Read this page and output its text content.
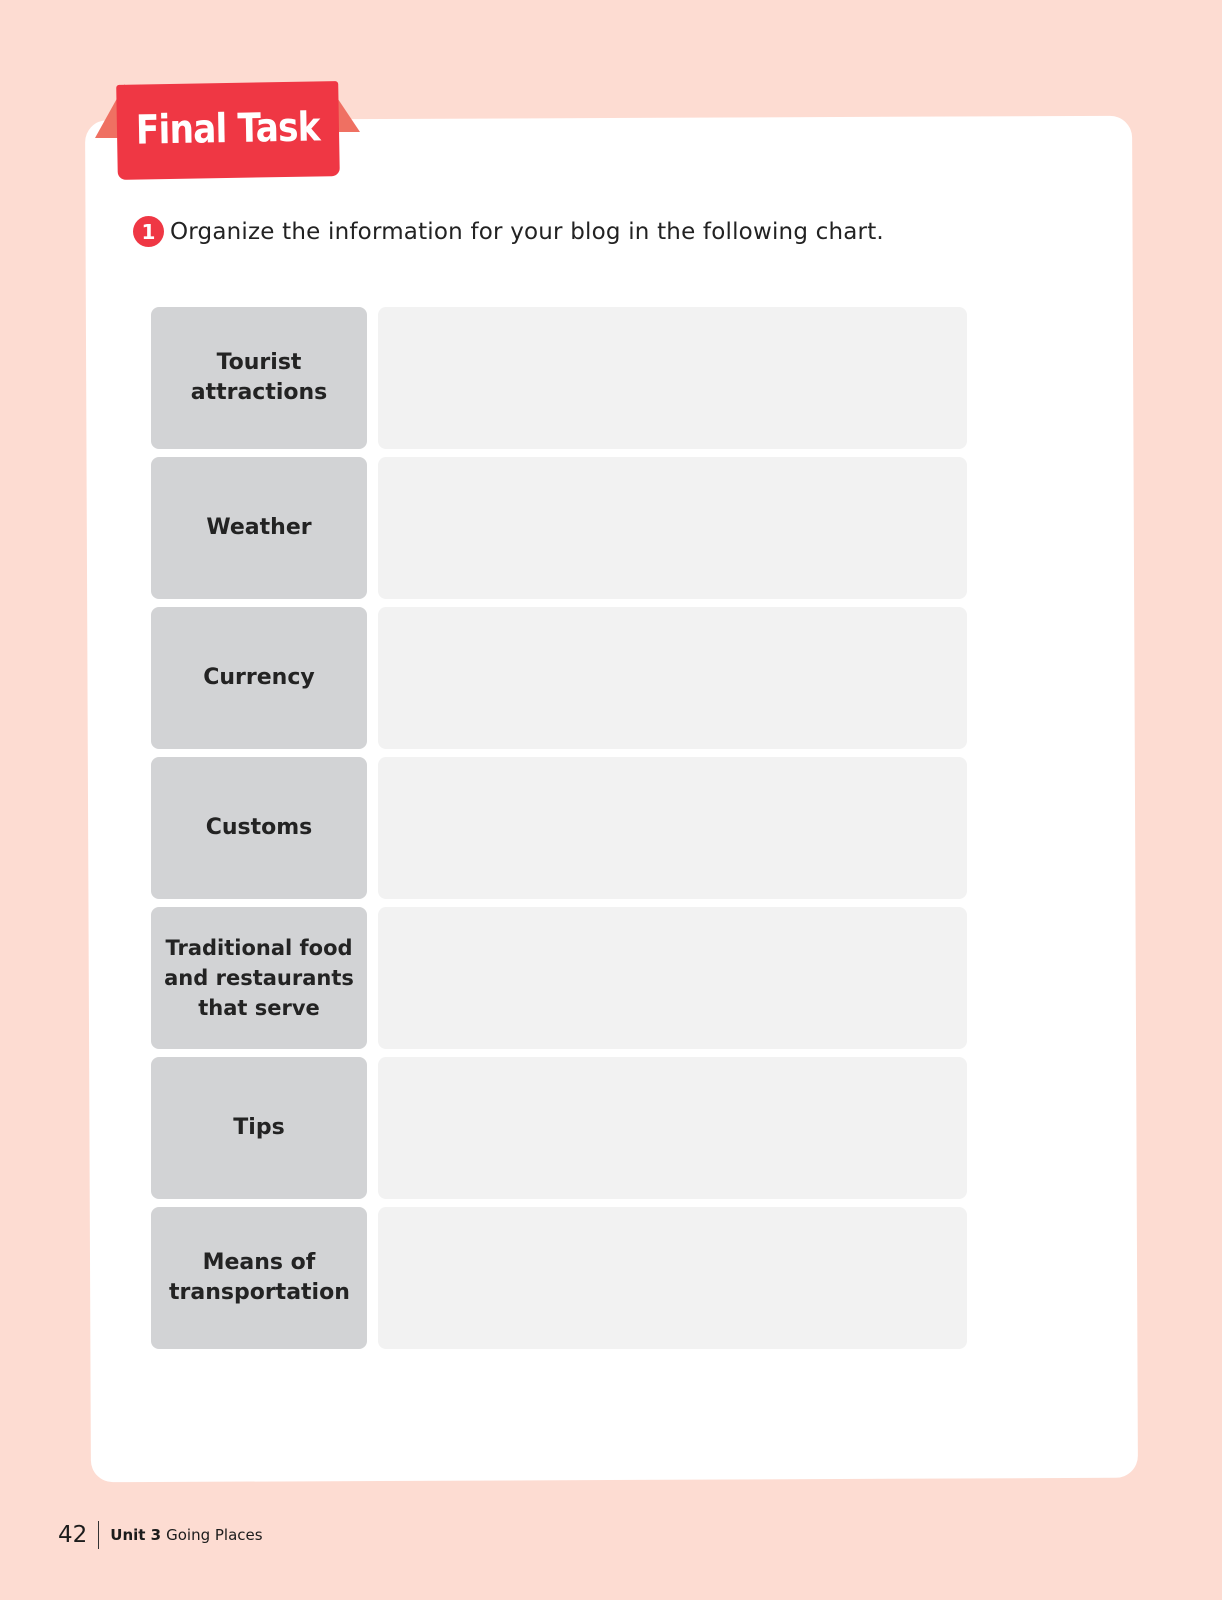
Final Task
1 Organize the information for your blog in the following chart.
Tourist attractions
Weather
Currency
Customs
Traditional food and restaurants that serve
Tips
Means of transportation
42 Unit 3 Going Places
